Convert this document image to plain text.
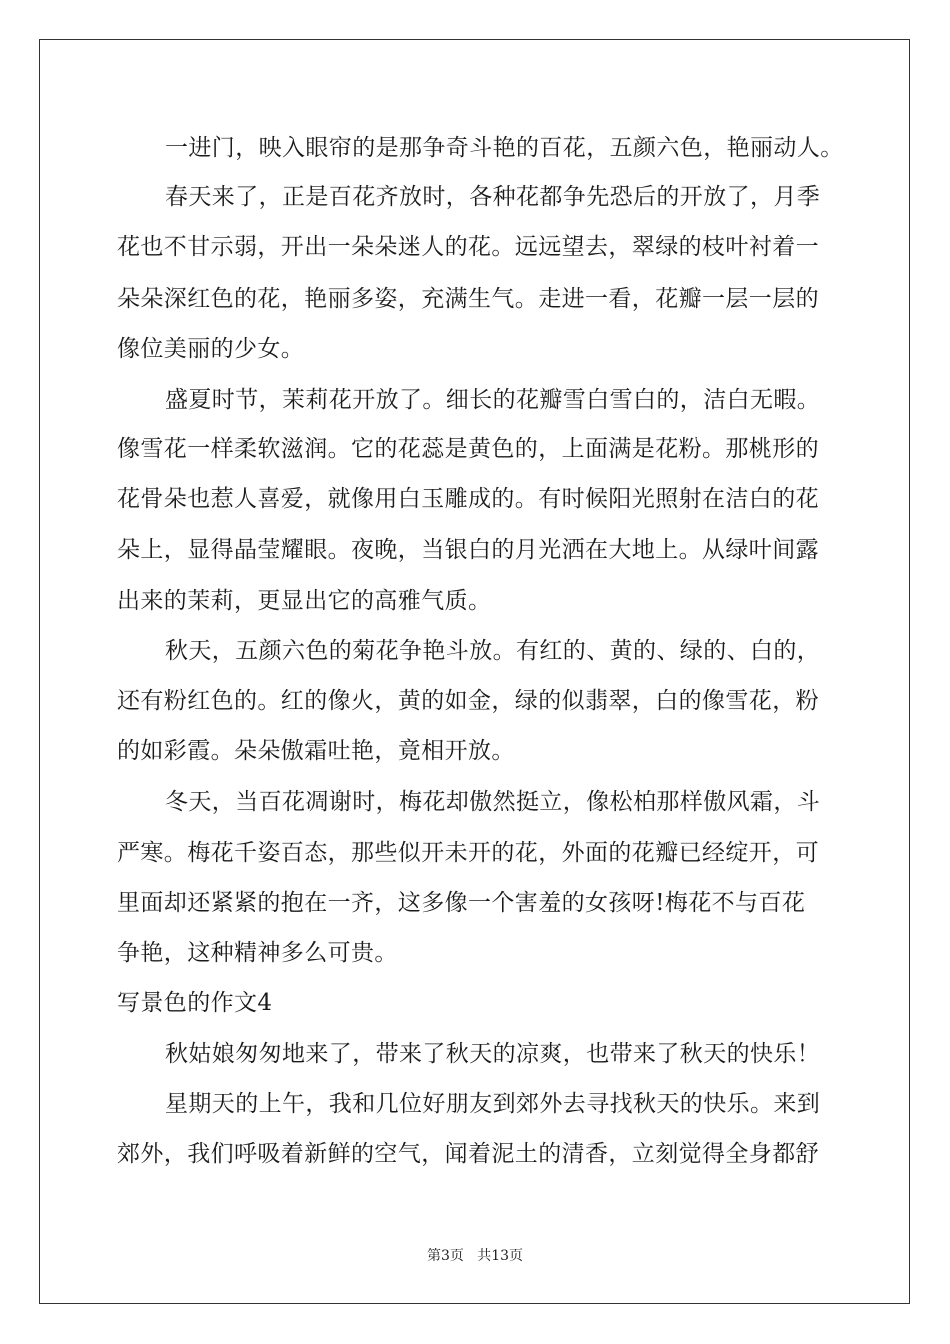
一进门，映入眼帘的是那争奇斗艳的百花，五颜六色，艳丽动人。
春天来了，正是百花齐放时，各种花都争先恐后的开放了，月季
花也不甘示弱，开出一朵朵迷人的花。远远望去，翠绿的枝叶衬着一
朵朵深红色的花，艳丽多姿，充满生气。走进一看，花瓣一层一层的
像位美丽的少女。
盛夏时节，茉莉花开放了。细长的花瓣雪白雪白的，洁白无暇。
像雪花一样柔软滋润。它的花蕊是黄色的，上面满是花粉。那桃形的
花骨朵也惹人喜爱，就像用白玉雕成的。有时候阳光照射在洁白的花
朵上，显得晶莹耀眼。夜晚，当银白的月光洒在大地上。从绿叶间露
出来的茉莉，更显出它的高雅气质。
秋天，五颜六色的菊花争艳斗放。有红的、黄的、绿的、白的，
还有粉红色的。红的像火，黄的如金，绿的似翡翠，白的像雪花，粉
的如彩霞。朵朵傲霜吐艳，竟相开放。
冬天，当百花凋谢时，梅花却傲然挺立，像松柏那样傲风霜，斗
严寒。梅花千姿百态，那些似开未开的花，外面的花瓣已经绽开，可
里面却还紧紧的抱在一齐，这多像一个害羞的女孩呀!梅花不与百花
争艳，这种精神多么可贵。
写景色的作文4
秋姑娘匆匆地来了，带来了秋天的凉爽，也带来了秋天的快乐！
星期天的上午，我和几位好朋友到郊外去寻找秋天的快乐。来到
郊外，我们呼吸着新鲜的空气，闻着泥土的清香，立刻觉得全身都舒
第3页   共13页
